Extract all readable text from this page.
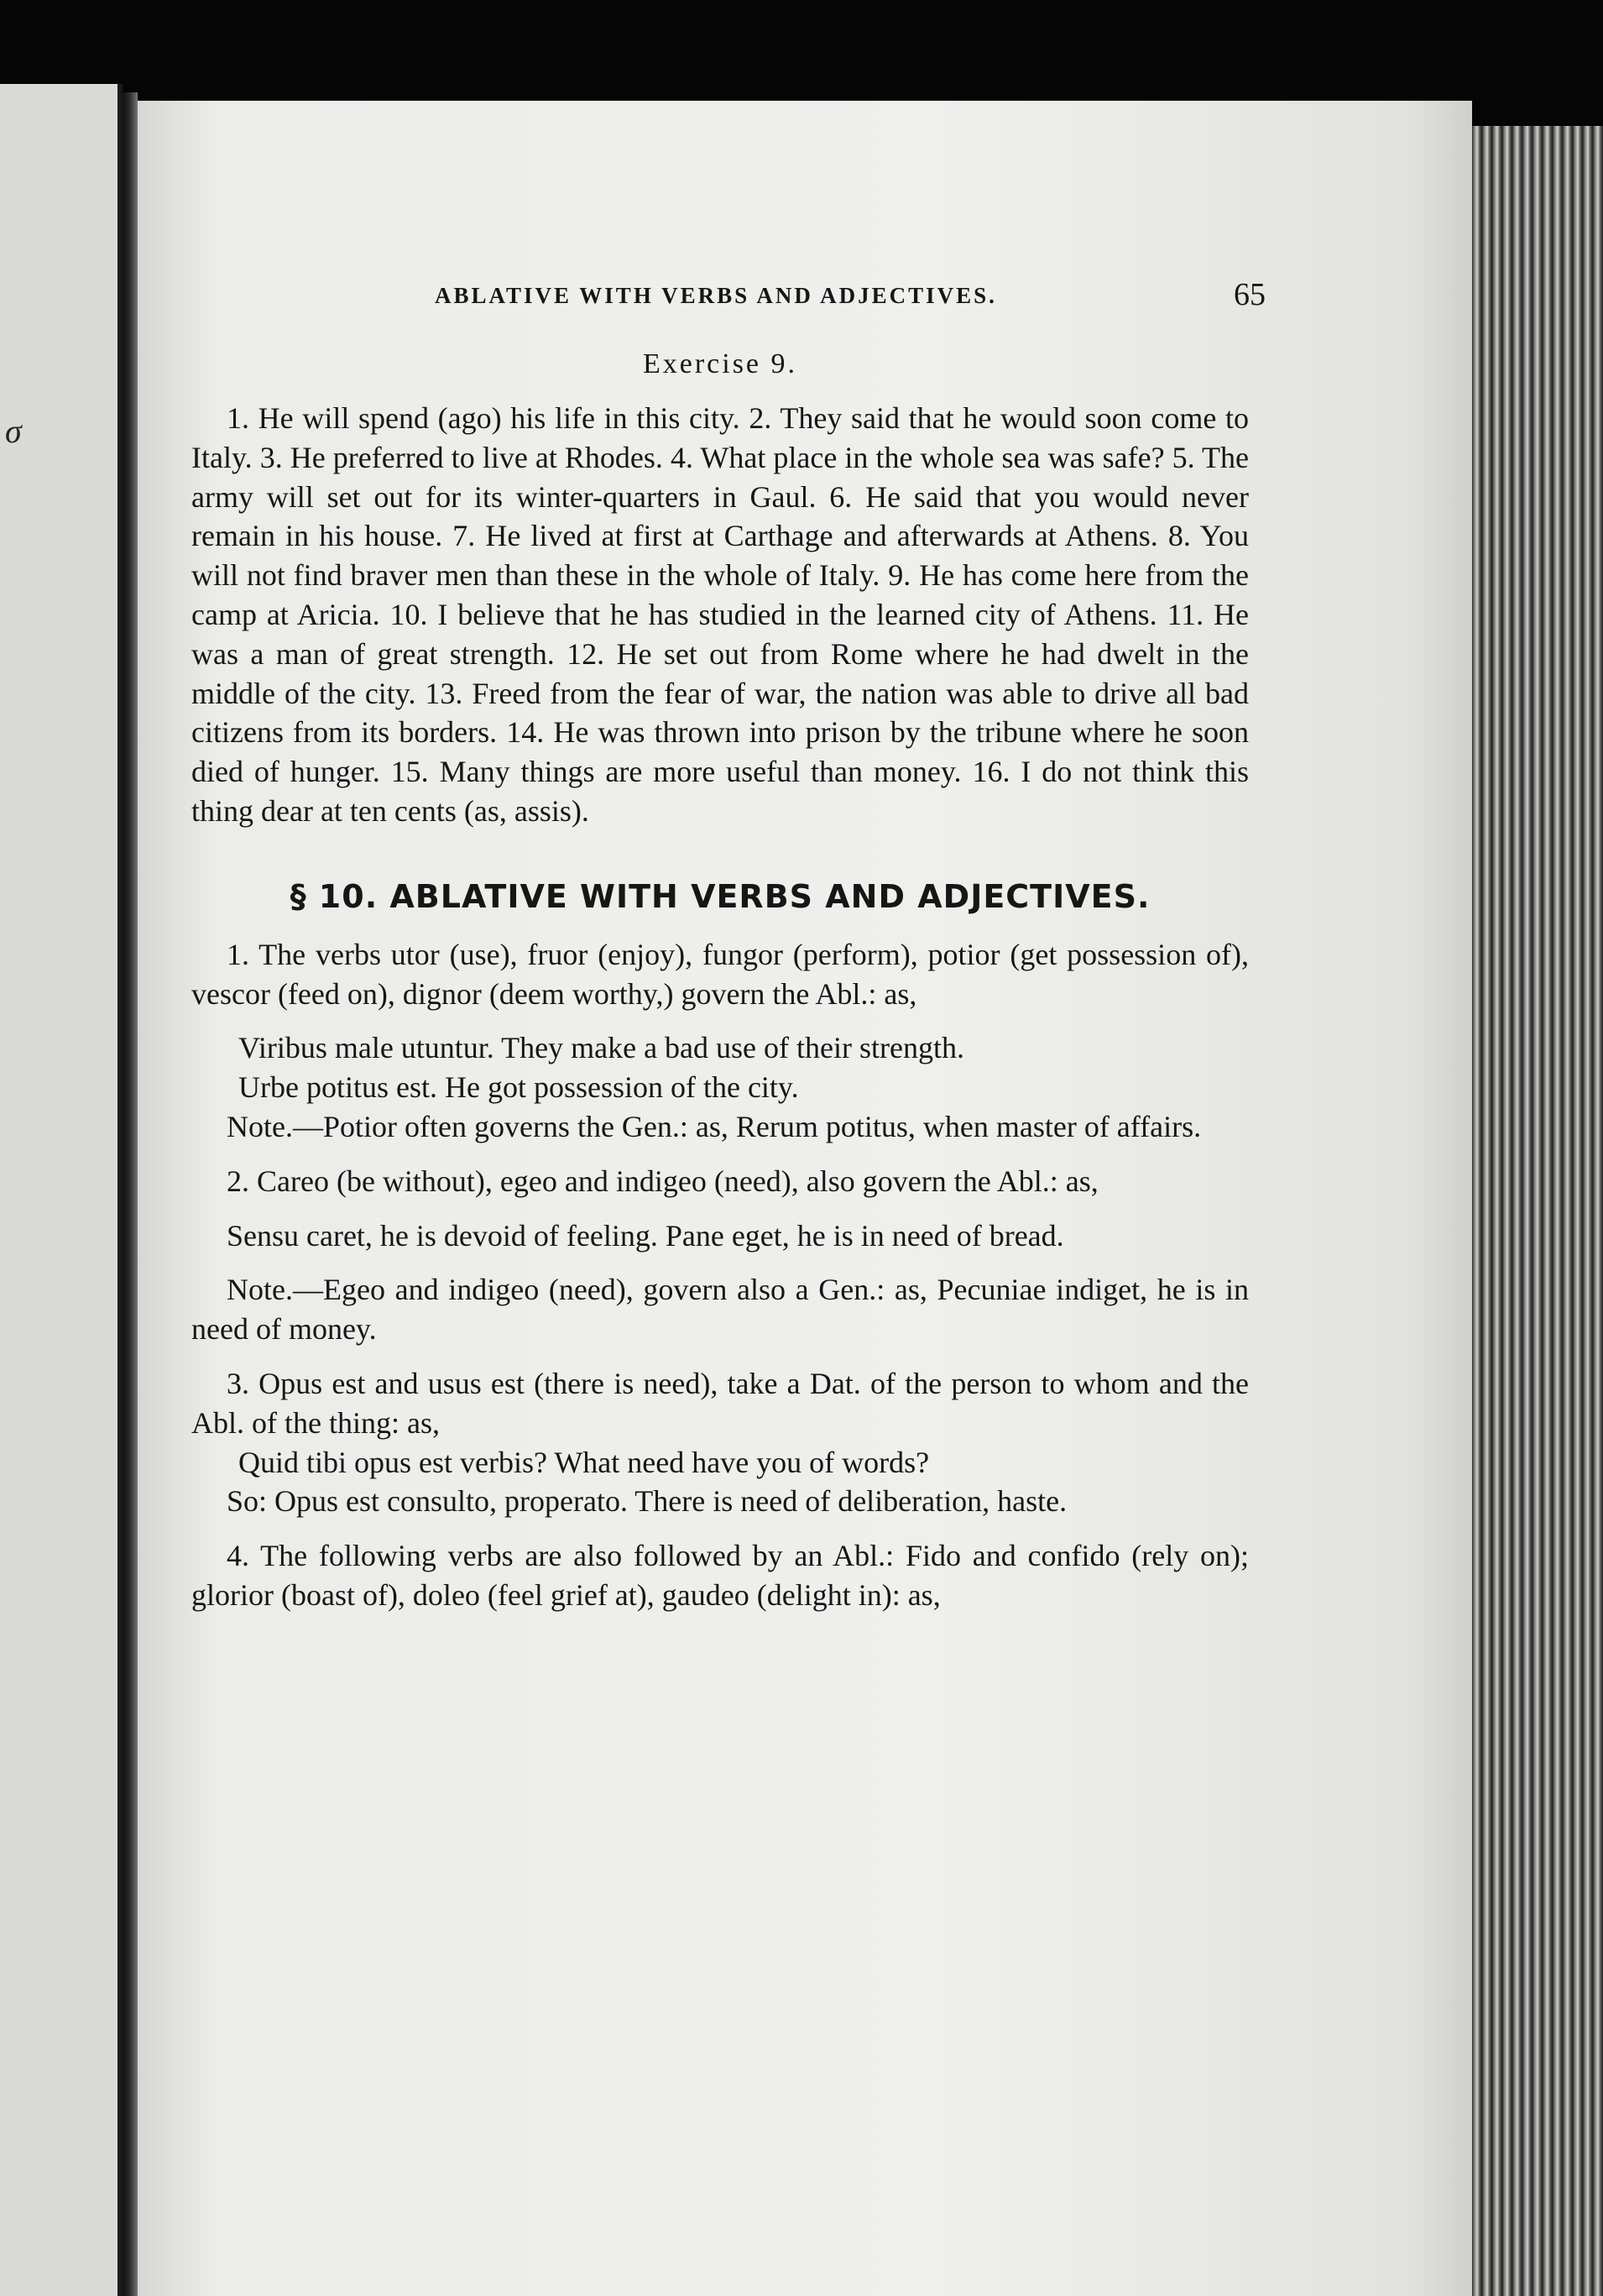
σ
ABLATIVE WITH VERBS AND ADJECTIVES.	65
Exercise 9.

1. He will spend (ago) his life in this city. 2. They said that he would soon come to Italy. 3. He preferred to live at Rhodes. 4. What place in the whole sea was safe? 5. The army will set out for its winter-quarters in Gaul. 6. He said that you would never remain in his house. 7. He lived at first at Carthage and afterwards at Athens. 8. You will not find braver men than these in the whole of Italy. 9. He has come here from the camp at Aricia. 10. I believe that he has studied in the learned city of Athens. 11. He was a man of great strength. 12. He set out from Rome where he had dwelt in the middle of the city. 13. Freed from the fear of war, the nation was able to drive all bad citizens from its borders. 14. He was thrown into prison by the tribune where he soon died of hunger. 15. Many things are more useful than money. 16. I do not think this thing dear at ten cents (as, assis).

§ 10. ABLATIVE WITH VERBS AND ADJECTIVES.

1. The verbs utor (use), fruor (enjoy), fungor (perform), potior (get possession of), vescor (feed on), dignor (deem worthy,) govern the Abl.: as,

Viribus male utuntur. They make a bad use of their strength.

Urbe potitus est. He got possession of the city.

Note.—Potior often governs the Gen.: as, Rerum potitus, when master of affairs.

2. Careo (be without), egeo and indigeo (need), also govern the Abl.: as,

Sensu caret, he is devoid of feeling. Pane eget, he is in need of bread.

Note.—Egeo and indigeo (need), govern also a Gen.: as, Pecuniae indiget, he is in need of money.

3. Opus est and usus est (there is need), take a Dat. of the person to whom and the Abl. of the thing: as,

Quid tibi opus est verbis? What need have you of words?

So: Opus est consulto, properato. There is need of deliberation, haste.

4. The following verbs are also followed by an Abl.: Fido and confido (rely on); glorior (boast of), doleo (feel grief at), gaudeo (delight in): as,
